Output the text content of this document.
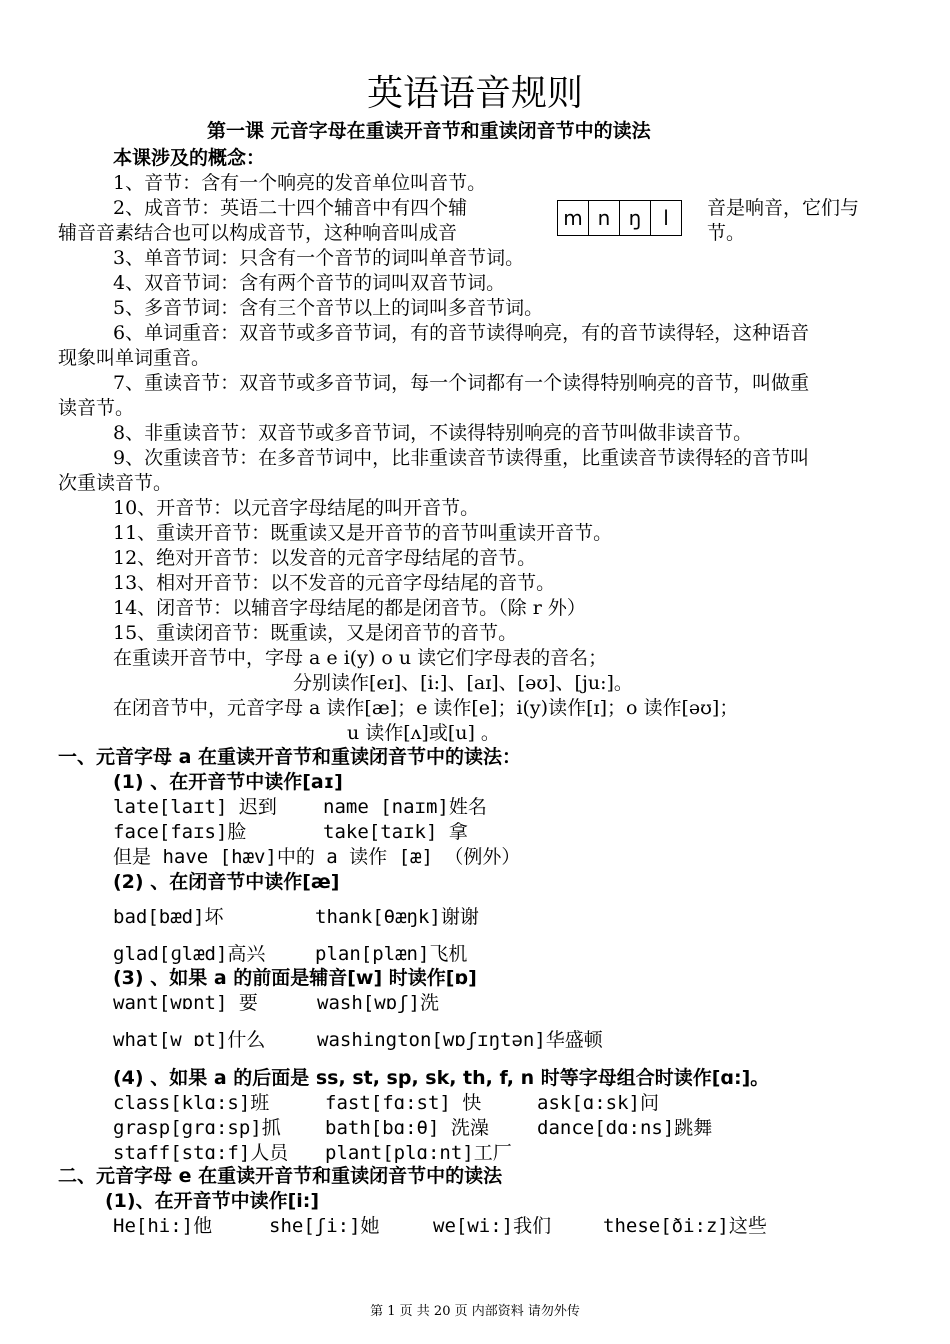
英语语音规则
第一课 元音字母在重读开音节和重读闭音节中的读法
本课涉及的概念：
1、音节：含有一个响亮的发音单位叫音节。
2、成音节：英语二十四个辅音中有四个辅	音是响音，它们与
m	n	ŋ	l
辅音音素结合也可以构成音节，这种响音叫成音	节。
3、单音节词：只含有一个音节的词叫单音节词。
4、双音节词：含有两个音节的词叫双音节词。
5、多音节词：含有三个音节以上的词叫多音节词。
6、单词重音：双音节或多音节词，有的音节读得响亮，有的音节读得轻，这种语音
现象叫单词重音。
7、重读音节：双音节或多音节词，每一个词都有一个读得特别响亮的音节，叫做重
读音节。
8、非重读音节：双音节或多音节词，不读得特别响亮的音节叫做非读音节。
9、次重读音节：在多音节词中，比非重读音节读得重，比重读音节读得轻的音节叫
次重读音节。
10、开音节：以元音字母结尾的叫开音节。
11、重读开音节：既重读又是开音节的音节叫重读开音节。
12、绝对开音节：以发音的元音字母结尾的音节。
13、相对开音节：以不发音的元音字母结尾的音节。
14、闭音节：以辅音字母结尾的都是闭音节。（除 r 外）
15、重读闭音节：既重读，又是闭音节的音节。
在重读开音节中，字母 a e i(y) o u 读它们字母表的音名；
分别读作[eɪ]、[i:]、[aɪ]、[əʊ]、[ju:]。
在闭音节中，元音字母 a 读作[æ]；e 读作[e]；i(y)读作[ɪ]；o 读作[əʊ]；
u 读作[ʌ]或[u] 。
一、元音字母 a 在重读开音节和重读闭音节中的读法：
(1) 、在开音节中读作[aɪ]
late[laɪt] 迟到 name [naɪm]姓名
face[faɪs]脸	take[taɪk] 拿
但是 have [hæv]中的 a 读作 [æ] （例外）
(2) 、在闭音节中读作[æ]
bad[bæd]坏	thank[θæŋk]谢谢
glad[ɡlæd]高兴	plan[plæn]飞机
(3) 、如果 a 的前面是辅音[w] 时读作[ɒ]
want[wɒnt] 要	wash[wɒʃ]洗
what[w ɒt]什么	washington[wɒʃɪŋtən]华盛顿
(4) 、如果 a 的后面是 ss, st, sp, sk, th, f, n 时等字母组合时读作[ɑ:]。
class[klɑ:s]班	fast[fɑ:st] 快	ask[ɑ:sk]问
grasp[grɑ:sp]抓 bath[bɑ:θ] 洗澡	dance[dɑ:ns]跳舞
staff[stɑ:f]人员 plant[plɑ:nt]工厂
二、元音字母 e 在重读开音节和重读闭音节中的读法
(1)、在开音节中读作[i:]
He[hi:]他	she[ʃi:]她	we[wi:]我们	these[ði:z]这些
第 1 页 共 20 页 内部资料 请勿外传
